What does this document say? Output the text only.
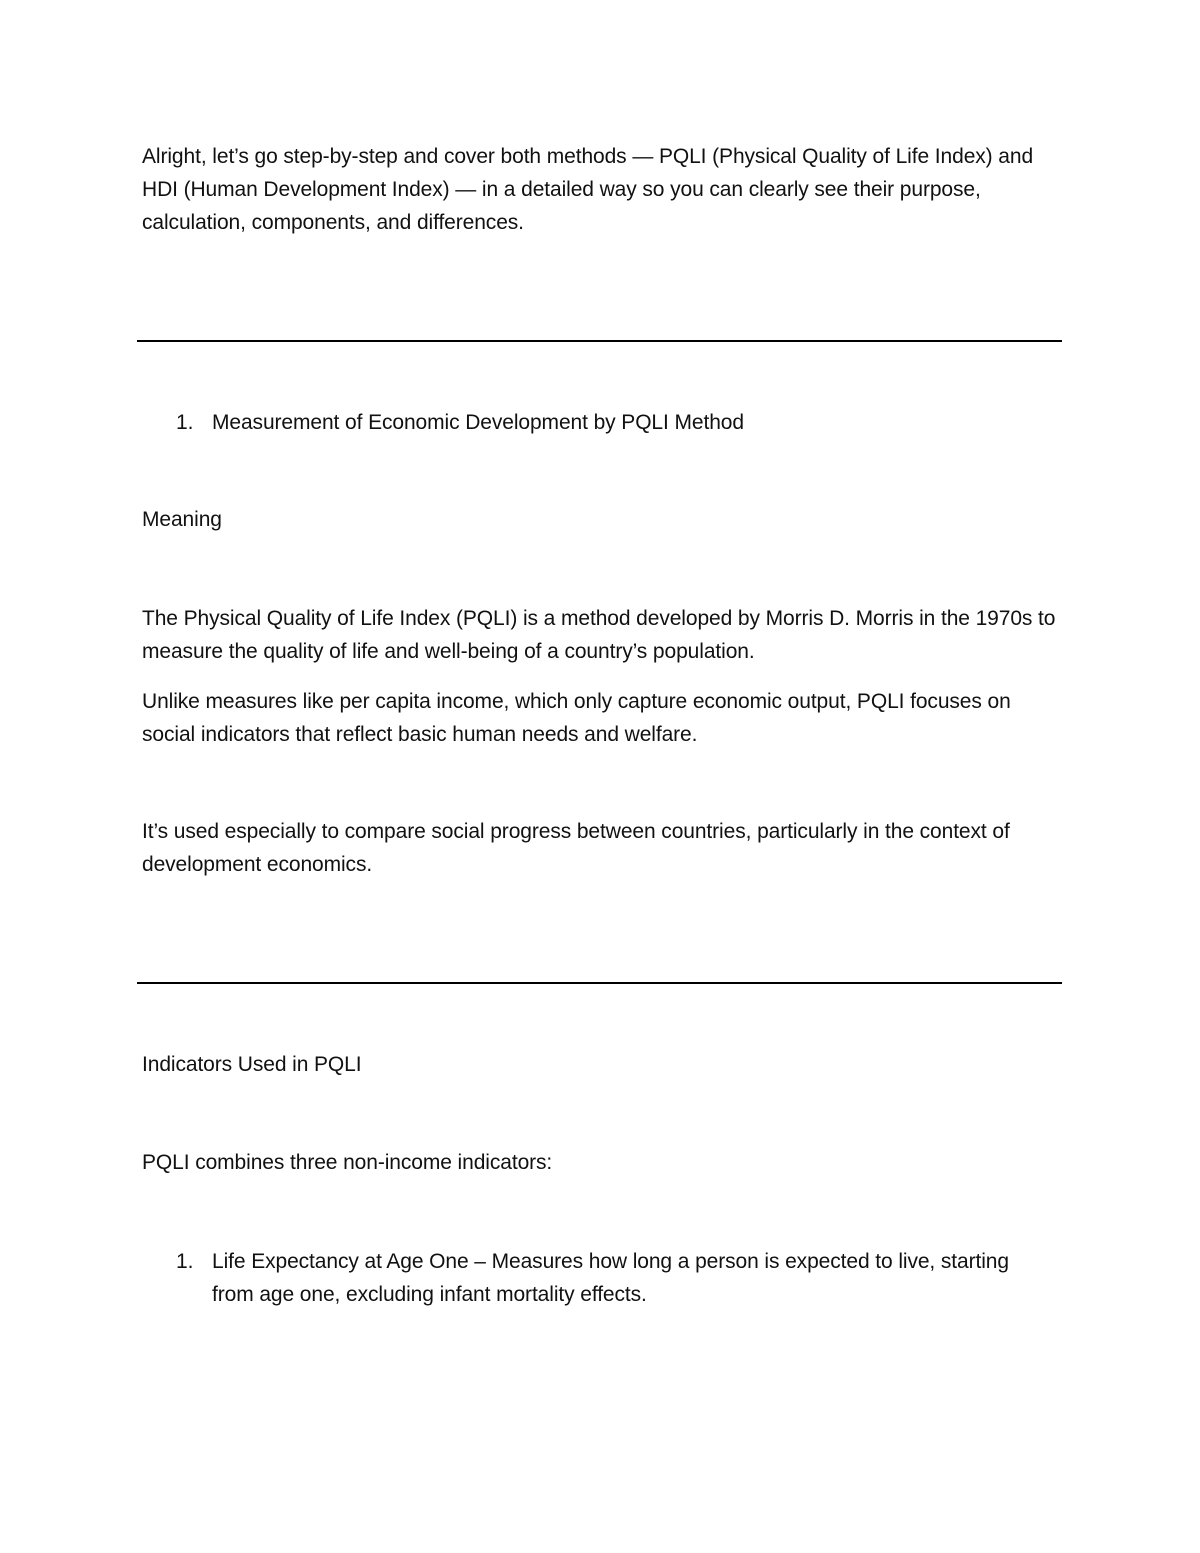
Alright, let’s go step-by-step and cover both methods — PQLI (Physical Quality of Life Index) and HDI (Human Development Index) — in a detailed way so you can clearly see their purpose, calculation, components, and differences.

1. Measurement of Economic Development by PQLI Method

Meaning

The Physical Quality of Life Index (PQLI) is a method developed by Morris D. Morris in the 1970s to measure the quality of life and well-being of a country’s population.

Unlike measures like per capita income, which only capture economic output, PQLI focuses on social indicators that reflect basic human needs and welfare.

It’s used especially to compare social progress between countries, particularly in the context of development economics.

Indicators Used in PQLI

PQLI combines three non-income indicators:

1. Life Expectancy at Age One – Measures how long a person is expected to live, starting from age one, excluding infant mortality effects.
